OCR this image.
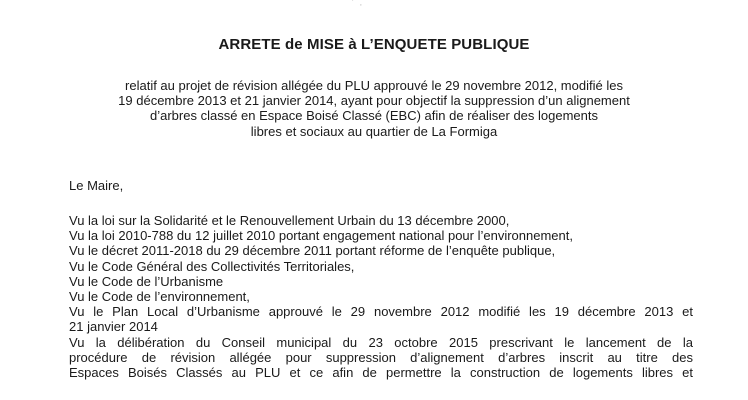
' ,
ARRETE de MISE à L’ENQUETE PUBLIQUE
relatif au projet de révision allégée du PLU approuvé le 29 novembre 2012, modifié les
19 décembre 2013 et 21 janvier 2014, ayant pour objectif la suppression d’un alignement
d’arbres classé en Espace Boisé Classé (EBC) afin de réaliser des logements
libres et sociaux au quartier de La Formiga
Le Maire,
Vu la loi sur la Solidarité et le Renouvellement Urbain du 13 décembre 2000,
Vu la loi 2010-788 du 12 juillet 2010 portant engagement national pour l’environnement,
Vu le décret 2011-2018 du 29 décembre 2011 portant réforme de l’enquête publique,
Vu le Code Général des Collectivités Territoriales,
Vu le Code de l’Urbanisme
Vu le Code de l’environnement,
Vu le Plan Local d’Urbanisme approuvé le 29 novembre 2012 modifié les 19 décembre 2013 et
21 janvier 2014
Vu la délibération du Conseil municipal du 23 octobre 2015 prescrivant le lancement de la
procédure de révision allégée pour suppression d’alignement d’arbres inscrit au titre des
Espaces Boisés Classés au PLU et ce afin de permettre la construction de logements libres et
